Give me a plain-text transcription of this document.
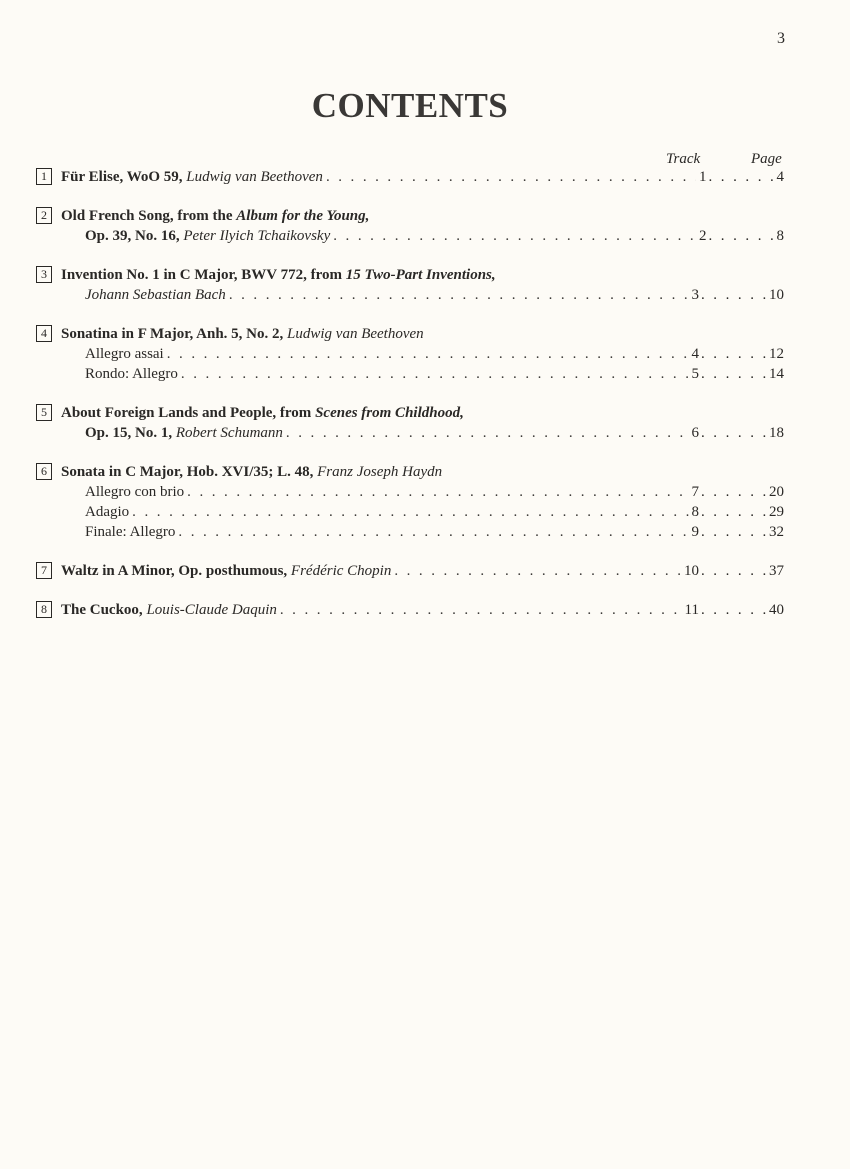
3
CONTENTS
Track	Page
1 Für Elise, WoO 59, Ludwig van Beethoven . . .	1 . . .	4
2 Old French Song, from the Album for the Young,
Op. 39, No. 16, Peter Ilyich Tchaikovsky . . .	2 . . .	8
3 Invention No. 1 in C Major, BWV 772, from 15 Two-Part Inventions,
Johann Sebastian Bach . . .	3 . . .	10
4 Sonatina in F Major, Anh. 5, No. 2, Ludwig van Beethoven
Allegro assai . . .	4 . . .	12
Rondo: Allegro . . .	5 . . .	14
5 About Foreign Lands and People, from Scenes from Childhood,
Op. 15, No. 1, Robert Schumann . . .	6 . . .	18
6 Sonata in C Major, Hob. XVI/35; L. 48, Franz Joseph Haydn
Allegro con brio . . .	7 . . .	20
Adagio . . .	8 . . .	29
Finale: Allegro . . .	9 . . .	32
7 Waltz in A Minor, Op. posthumous, Frédéric Chopin . . .	10 . . .	37
8 The Cuckoo, Louis-Claude Daquin . . .	11 . . .	40
